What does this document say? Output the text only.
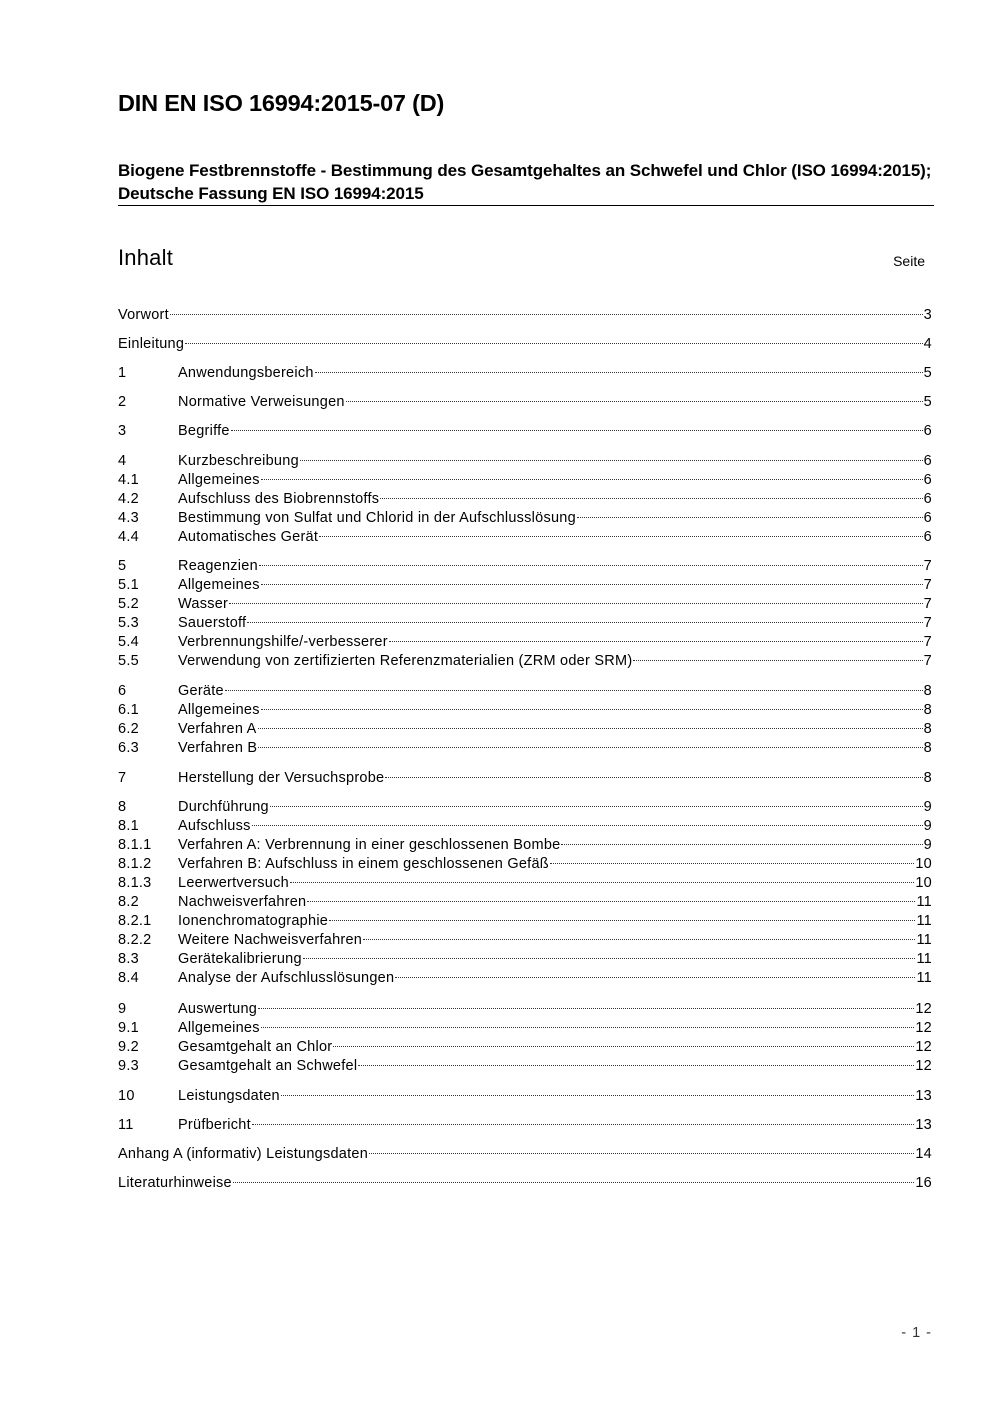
DIN EN ISO 16994:2015-07 (D)
Biogene Festbrennstoffe - Bestimmung des Gesamtgehaltes an Schwefel und Chlor (ISO 16994:2015); Deutsche Fassung EN ISO 16994:2015
Inhalt	Seite
Vorwort	3
Einleitung	4
1	Anwendungsbereich	5
2	Normative Verweisungen	5
3	Begriffe	6
4	Kurzbeschreibung	6
4.1	Allgemeines	6
4.2	Aufschluss des Biobrennstoffs	6
4.3	Bestimmung von Sulfat und Chlorid in der Aufschlusslösung	6
4.4	Automatisches Gerät	6
5	Reagenzien	7
5.1	Allgemeines	7
5.2	Wasser	7
5.3	Sauerstoff	7
5.4	Verbrennungshilfe/-verbesserer	7
5.5	Verwendung von zertifizierten Referenzmaterialien (ZRM oder SRM)	7
6	Geräte	8
6.1	Allgemeines	8
6.2	Verfahren A	8
6.3	Verfahren B	8
7	Herstellung der Versuchsprobe	8
8	Durchführung	9
8.1	Aufschluss	9
8.1.1	Verfahren A: Verbrennung in einer geschlossenen Bombe	9
8.1.2	Verfahren B: Aufschluss in einem geschlossenen Gefäß	10
8.1.3	Leerwertversuch	10
8.2	Nachweisverfahren	11
8.2.1	Ionenchromatographie	11
8.2.2	Weitere Nachweisverfahren	11
8.3	Gerätekalibrierung	11
8.4	Analyse der Aufschlusslösungen	11
9	Auswertung	12
9.1	Allgemeines	12
9.2	Gesamtgehalt an Chlor	12
9.3	Gesamtgehalt an Schwefel	12
10	Leistungsdaten	13
11	Prüfbericht	13
Anhang A (informativ) Leistungsdaten	14
Literaturhinweise	16
- 1 -
